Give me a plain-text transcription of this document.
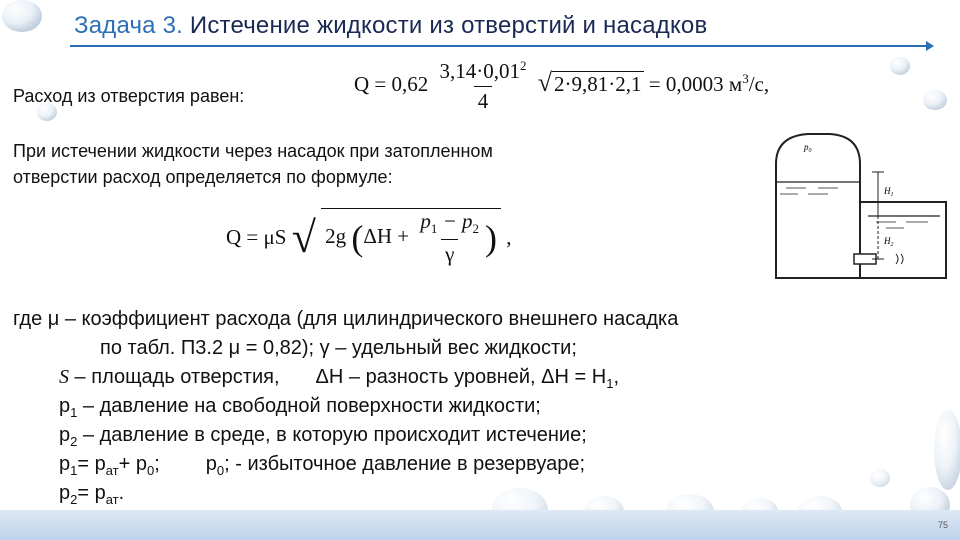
Задача 3. Истечение жидкости из отверстий и насадков
Расход из отверстия равен:
$Q = 0,62 \frac{3,14\cdot 0,01^2}{4} √2\cdot 9,81\cdot 2,1 = 0,0003$ $м^3/с$,
При истечении жидкости через насадок при затопленном
отверстии расход определяется по формуле:
Q = μS √ 2g ($\Delta H + \frac{p_1 - p_2}{\gamma}$ ) ,
$p_0$
$H_1$
$H_2$
где μ – коэффициент расхода (для цилиндрического внешнего насадка
по табл. П3.2 μ = 0,82); γ – удельный вес жидкости;
S – площадь отверстия, ΔH – разность уровней, $\Delta H = H_1$,
$p_1$ – давление на свободной поверхности жидкости;
$p_2$ – давление в среде, в которую происходит истечение;
$p_1= p_{ат}+ p_0$; $p_0$; - избыточное давление в резервуаре;
$p_2= p_{ат}$.
75
